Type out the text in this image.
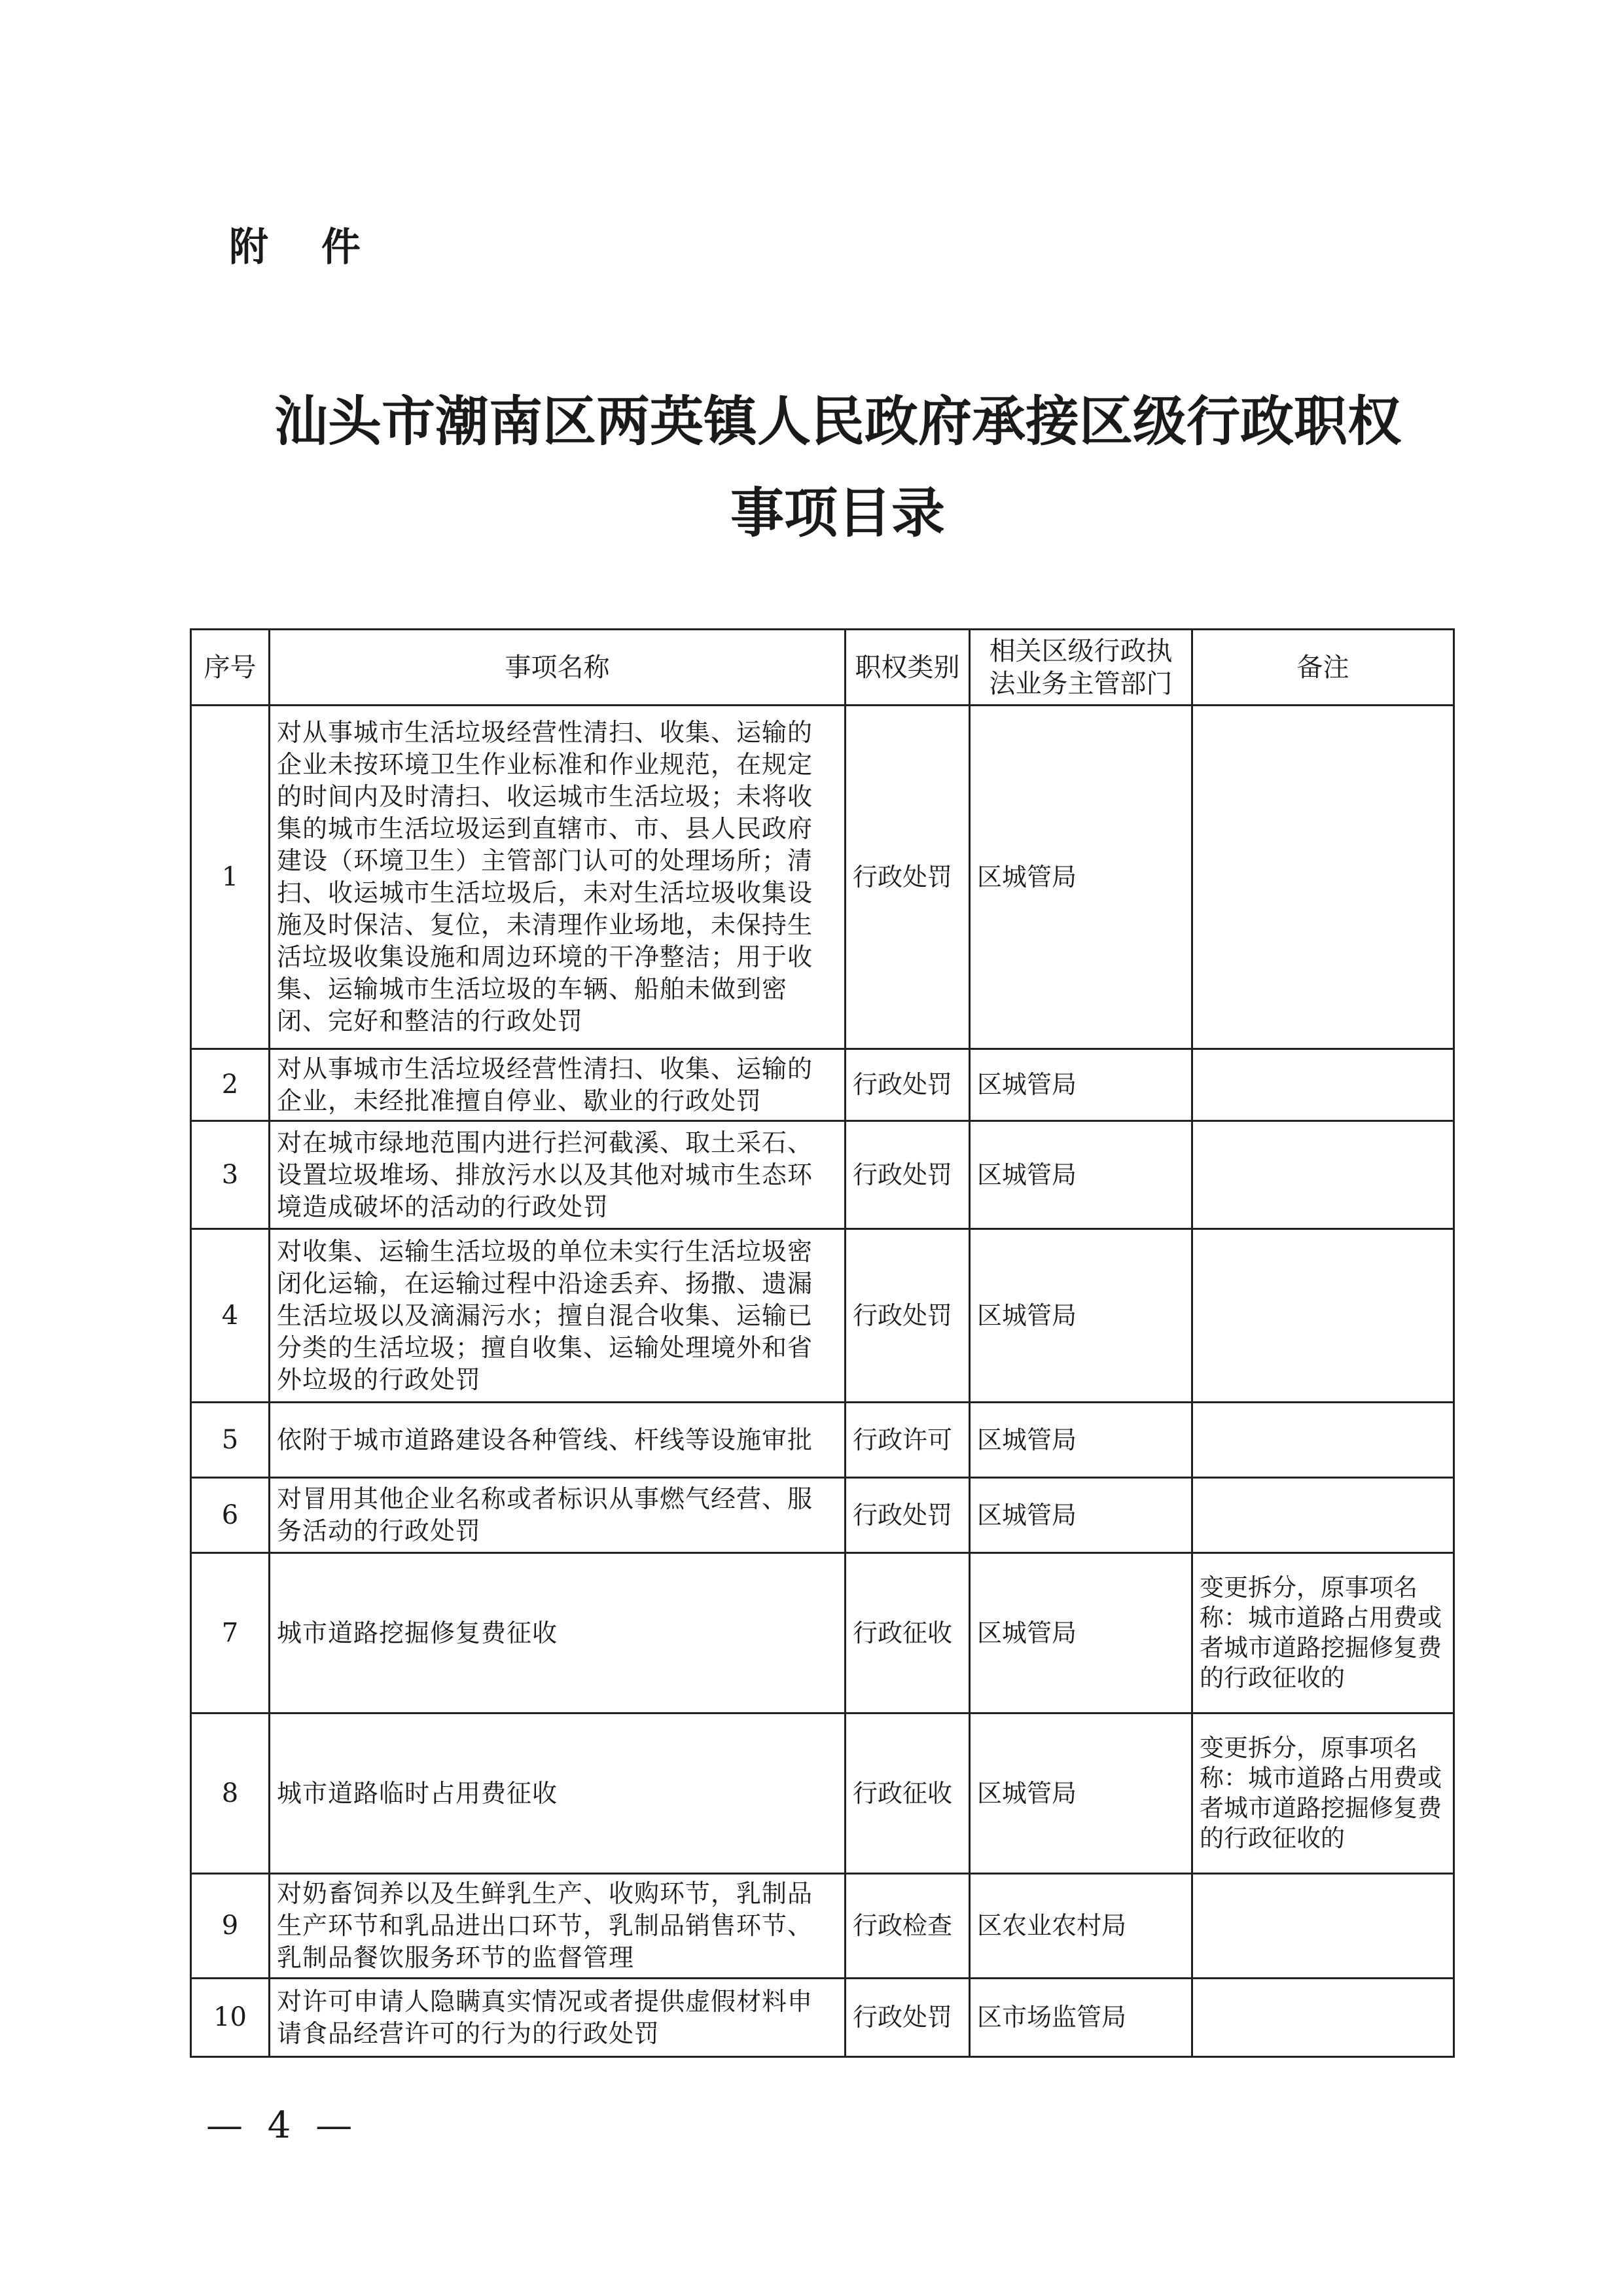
附 件
汕头市潮南区两英镇人民政府承接区级行政职权
事项目录
序号	事项名称	职权类别	相关区级行政执法业务主管部门	备注
1	对从事城市生活垃圾经营性清扫、收集、运输的企业未按环境卫生作业标准和作业规范，在规定的时间内及时清扫、收运城市生活垃圾；未将收集的城市生活垃圾运到直辖市、市、县人民政府建设（环境卫生）主管部门认可的处理场所；清扫、收运城市生活垃圾后，未对生活垃圾收集设施及时保洁、复位，未清理作业场地，未保持生活垃圾收集设施和周边环境的干净整洁；用于收集、运输城市生活垃圾的车辆、船舶未做到密闭、完好和整洁的行政处罚	行政处罚	区城管局	
2	对从事城市生活垃圾经营性清扫、收集、运输的企业，未经批准擅自停业、歇业的行政处罚	行政处罚	区城管局	
3	对在城市绿地范围内进行拦河截溪、取土采石、设置垃圾堆场、排放污水以及其他对城市生态环境造成破坏的活动的行政处罚	行政处罚	区城管局	
4	对收集、运输生活垃圾的单位未实行生活垃圾密闭化运输，在运输过程中沿途丢弃、扬撒、遗漏生活垃圾以及滴漏污水；擅自混合收集、运输已分类的生活垃圾；擅自收集、运输处理境外和省外垃圾的行政处罚	行政处罚	区城管局	
5	依附于城市道路建设各种管线、杆线等设施审批	行政许可	区城管局	
6	对冒用其他企业名称或者标识从事燃气经营、服务活动的行政处罚	行政处罚	区城管局	
7	城市道路挖掘修复费征收	行政征收	区城管局	变更拆分，原事项名称：城市道路占用费或者城市道路挖掘修复费的行政征收的
8	城市道路临时占用费征收	行政征收	区城管局	变更拆分，原事项名称：城市道路占用费或者城市道路挖掘修复费的行政征收的
9	对奶畜饲养以及生鲜乳生产、收购环节，乳制品生产环节和乳品进出口环节，乳制品销售环节、乳制品餐饮服务环节的监督管理	行政检查	区农业农村局	
10	对许可申请人隐瞒真实情况或者提供虚假材料申请食品经营许可的行为的行政处罚	行政处罚	区市场监管局	
— 4 —
